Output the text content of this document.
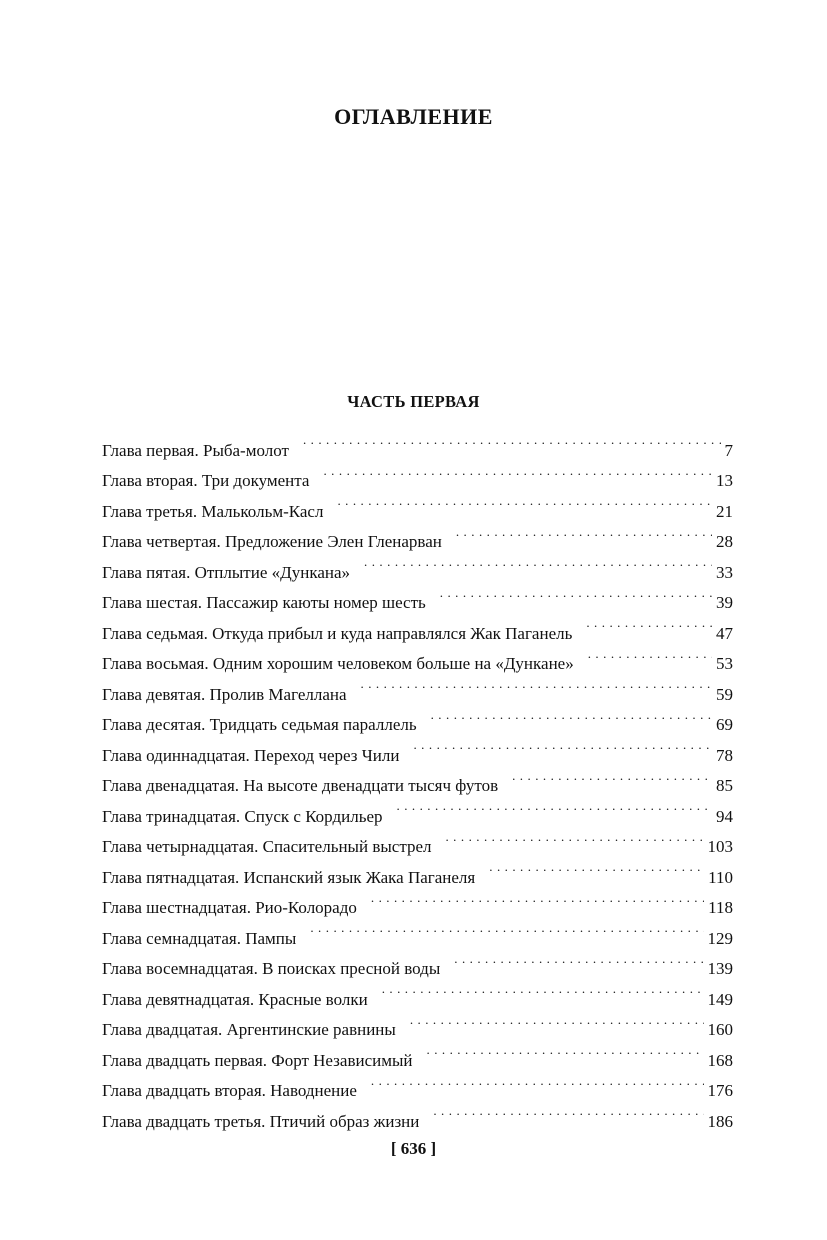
ОГЛАВЛЕНИЕ
ЧАСТЬ ПЕРВАЯ
Глава первая. Рыба-молот . . .	7
Глава вторая. Три документа . . .	13
Глава третья. Малькольм-Касл . . .	21
Глава четвертая. Предложение Элен Гленарван . . .	28
Глава пятая. Отплытие «Дункана» . . .	33
Глава шестая. Пассажир каюты номер шесть . . .	39
Глава седьмая. Откуда прибыл и куда направлялся Жак Паганель . . .	47
Глава восьмая. Одним хорошим человеком больше на «Дункане» . . .	53
Глава девятая. Пролив Магеллана . . .	59
Глава десятая. Тридцать седьмая параллель . . .	69
Глава одиннадцатая. Переход через Чили . . .	78
Глава двенадцатая. На высоте двенадцати тысяч футов . . .	85
Глава тринадцатая. Спуск с Кордильер . . .	94
Глава четырнадцатая. Спасительный выстрел . . .	103
Глава пятнадцатая. Испанский язык Жака Паганеля . . .	110
Глава шестнадцатая. Рио-Колорадо . . .	118
Глава семнадцатая. Пампы . . .	129
Глава восемнадцатая. В поисках пресной воды . . .	139
Глава девятнадцатая. Красные волки . . .	149
Глава двадцатая. Аргентинские равнины . . .	160
Глава двадцать первая. Форт Независимый . . .	168
Глава двадцать вторая. Наводнение . . .	176
Глава двадцать третья. Птичий образ жизни . . .	186
[ 636 ]
